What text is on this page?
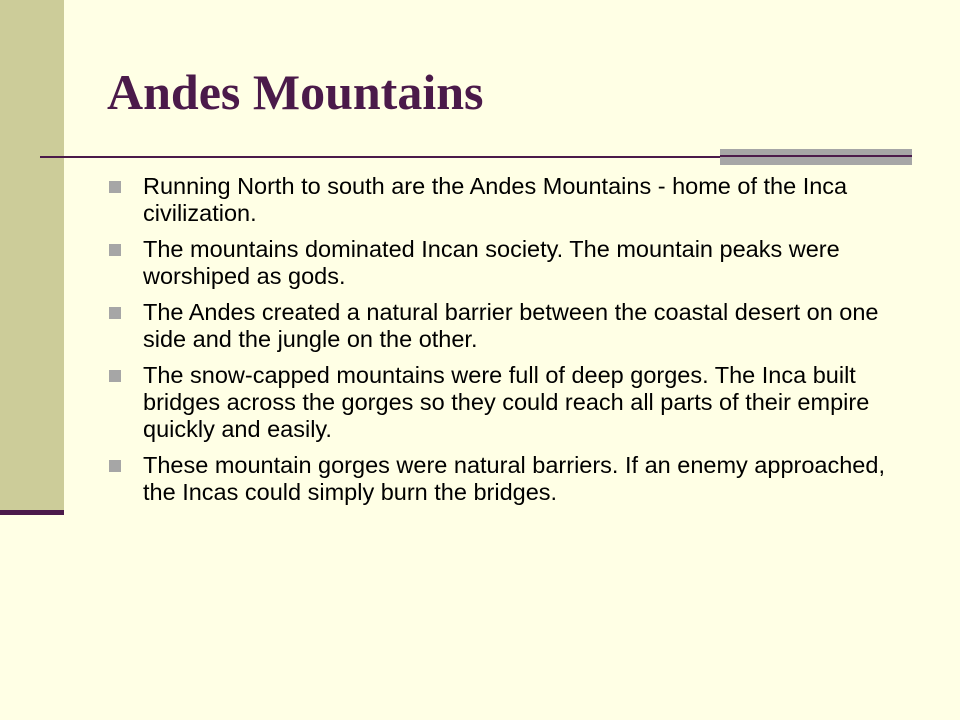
Andes Mountains
Running North to south are the Andes Mountains - home of the Inca civilization.
The mountains dominated Incan society. The mountain peaks were worshiped as gods.
The Andes created a natural barrier between the coastal desert on one side and the jungle on the other.
The snow-capped mountains were full of deep gorges. The Inca built bridges across the gorges so they could reach all parts of their empire quickly and easily.
These mountain gorges were natural barriers. If an enemy approached, the Incas could simply burn the bridges.
